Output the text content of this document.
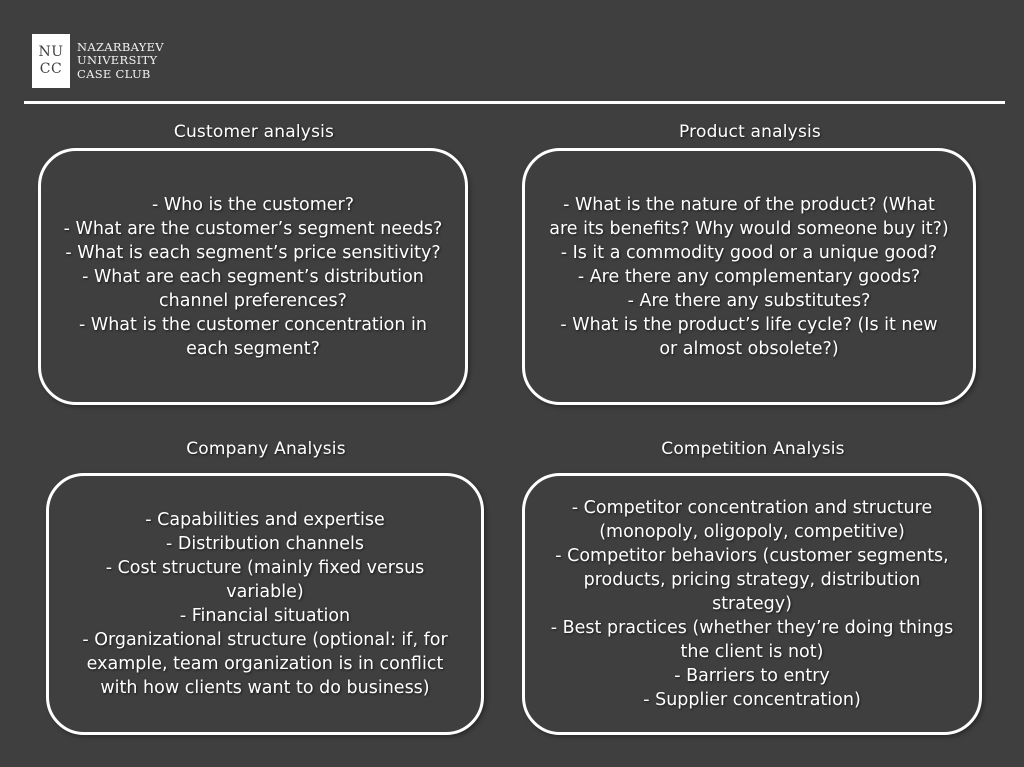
NU
CC
NAZARBAYEV
UNIVERSITY
CASE CLUB
Customer analysis
- Who is the customer?
- What are the customer’s segment needs?
- What is each segment’s price sensitivity?
- What are each segment’s distribution channel preferences?
- What is the customer concentration in each segment?
Product analysis
- What is the nature of the product? (What are its benefits? Why would someone buy it?)
- Is it a commodity good or a unique good?
- Are there any complementary goods?
- Are there any substitutes?
- What is the product’s life cycle? (Is it new or almost obsolete?)
Company Analysis
- Capabilities and expertise
- Distribution channels
- Cost structure (mainly fixed versus variable)
- Financial situation
- Organizational structure (optional: if, for example, team organization is in conflict with how clients want to do business)
Competition Analysis
- Competitor concentration and structure (monopoly, oligopoly, competitive)
- Competitor behaviors (customer segments, products, pricing strategy, distribution strategy)
- Best practices (whether they’re doing things the client is not)
- Barriers to entry
- Supplier concentration)
